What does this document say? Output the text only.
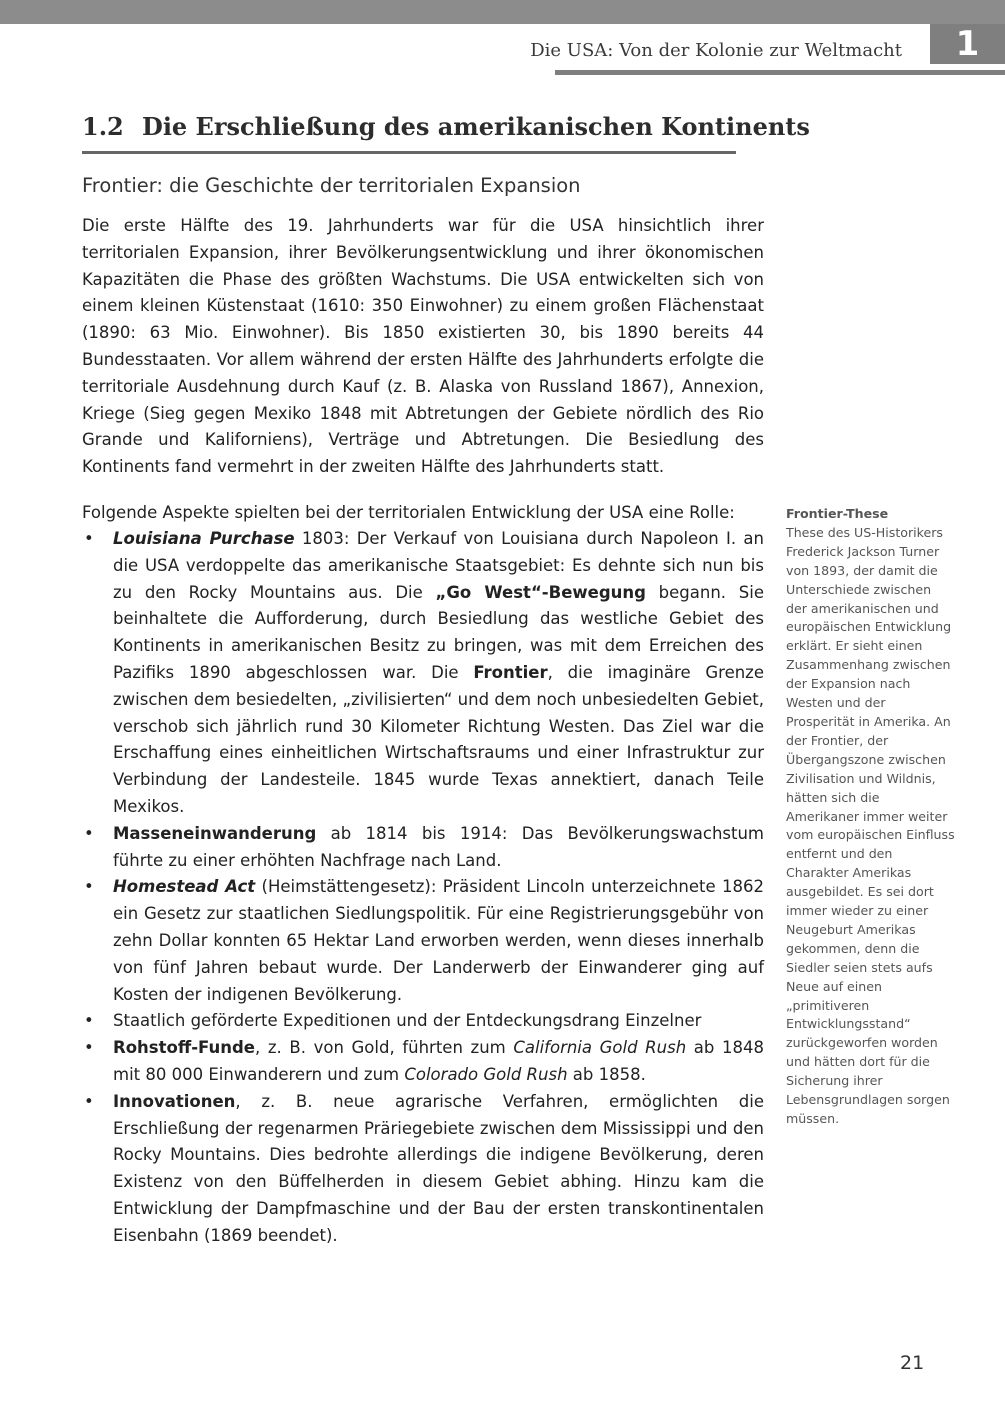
1
Die USA: Von der Kolonie zur Weltmacht
1.2 Die Erschließung des amerikanischen Kontinents
Frontier: die Geschichte der territorialen Expansion

Die erste Hälfte des 19. Jahrhunderts war für die USA hinsichtlich ihrer territorialen Expansion, ihrer Bevölkerungsentwicklung und ihrer ökonomischen Kapazitäten die Phase des größten Wachstums. Die USA entwickelten sich von einem kleinen Küstenstaat (1610: 350 Einwohner) zu einem großen Flächenstaat (1890: 63 Mio. Einwohner). Bis 1850 existierten 30, bis 1890 bereits 44 Bundesstaaten. Vor allem während der ersten Hälfte des Jahrhunderts erfolgte die territoriale Ausdehnung durch Kauf (z. B. Alaska von Russland 1867), Annexion, Kriege (Sieg gegen Mexiko 1848 mit Abtretungen der Gebiete nördlich des Rio Grande und Kaliforniens), Verträge und Abtretungen. Die Besiedlung des Kontinents fand vermehrt in der zweiten Hälfte des Jahrhunderts statt.

Folgende Aspekte spielten bei der territorialen Entwicklung der USA eine Rolle:

• Louisiana Purchase 1803: Der Verkauf von Louisiana durch Napoleon I. an die USA verdoppelte das amerikanische Staatsgebiet: Es dehnte sich nun bis zu den Rocky Mountains aus. Die „Go West“-Bewegung begann. Sie beinhaltete die Aufforderung, durch Besiedlung das westliche Gebiet des Kontinents in amerikanischen Besitz zu bringen, was mit dem Erreichen des Pazifiks 1890 abgeschlossen war. Die Frontier, die imaginäre Grenze zwischen dem besiedelten, „zivilisierten“ und dem noch unbesiedelten Gebiet, verschob sich jährlich rund 30 Kilometer Richtung Westen. Das Ziel war die Erschaffung eines einheitlichen Wirtschaftsraums und einer Infrastruktur zur Verbindung der Landesteile. 1845 wurde Texas annektiert, danach Teile Mexikos.
• Masseneinwanderung ab 1814 bis 1914: Das Bevölkerungswachstum führte zu einer erhöhten Nachfrage nach Land.
• Homestead Act (Heimstättengesetz): Präsident Lincoln unterzeichnete 1862 ein Gesetz zur staatlichen Siedlungspolitik. Für eine Registrierungsgebühr von zehn Dollar konnten 65 Hektar Land erworben werden, wenn dieses innerhalb von fünf Jahren bebaut wurde. Der Landerwerb der Einwanderer ging auf Kosten der indigenen Bevölkerung.
• Staatlich geförderte Expeditionen und der Entdeckungsdrang Einzelner
• Rohstoff-Funde, z. B. von Gold, führten zum California Gold Rush ab 1848 mit 80 000 Einwanderern und zum Colorado Gold Rush ab 1858.
• Innovationen, z. B. neue agrarische Verfahren, ermöglichten die Erschließung der regenarmen Präriegebiete zwischen dem Mississippi und den Rocky Mountains. Dies bedrohte allerdings die indigene Bevölkerung, deren Existenz von den Büffelherden in diesem Gebiet abhing. Hinzu kam die Entwicklung der Dampfmaschine und der Bau der ersten transkontinentalen Eisenbahn (1869 beendet).
Frontier-These
These des US-Historikers Frederick Jackson Turner von 1893, der damit die Unterschiede zwischen der amerikanischen und europäischen Entwicklung erklärt. Er sieht einen Zusammenhang zwischen der Expansion nach Westen und der Prosperität in Amerika. An der Frontier, der Übergangszone zwischen Zivilisation und Wildnis, hätten sich die Amerikaner immer weiter vom europäischen Einfluss entfernt und den Charakter Amerikas ausgebildet. Es sei dort immer wieder zu einer Neugeburt Amerikas gekommen, denn die Siedler seien stets aufs Neue auf einen „primitiveren Entwicklungsstand“ zurückgeworfen worden und hätten dort für die Sicherung ihrer Lebensgrundlagen sorgen müssen.
21
